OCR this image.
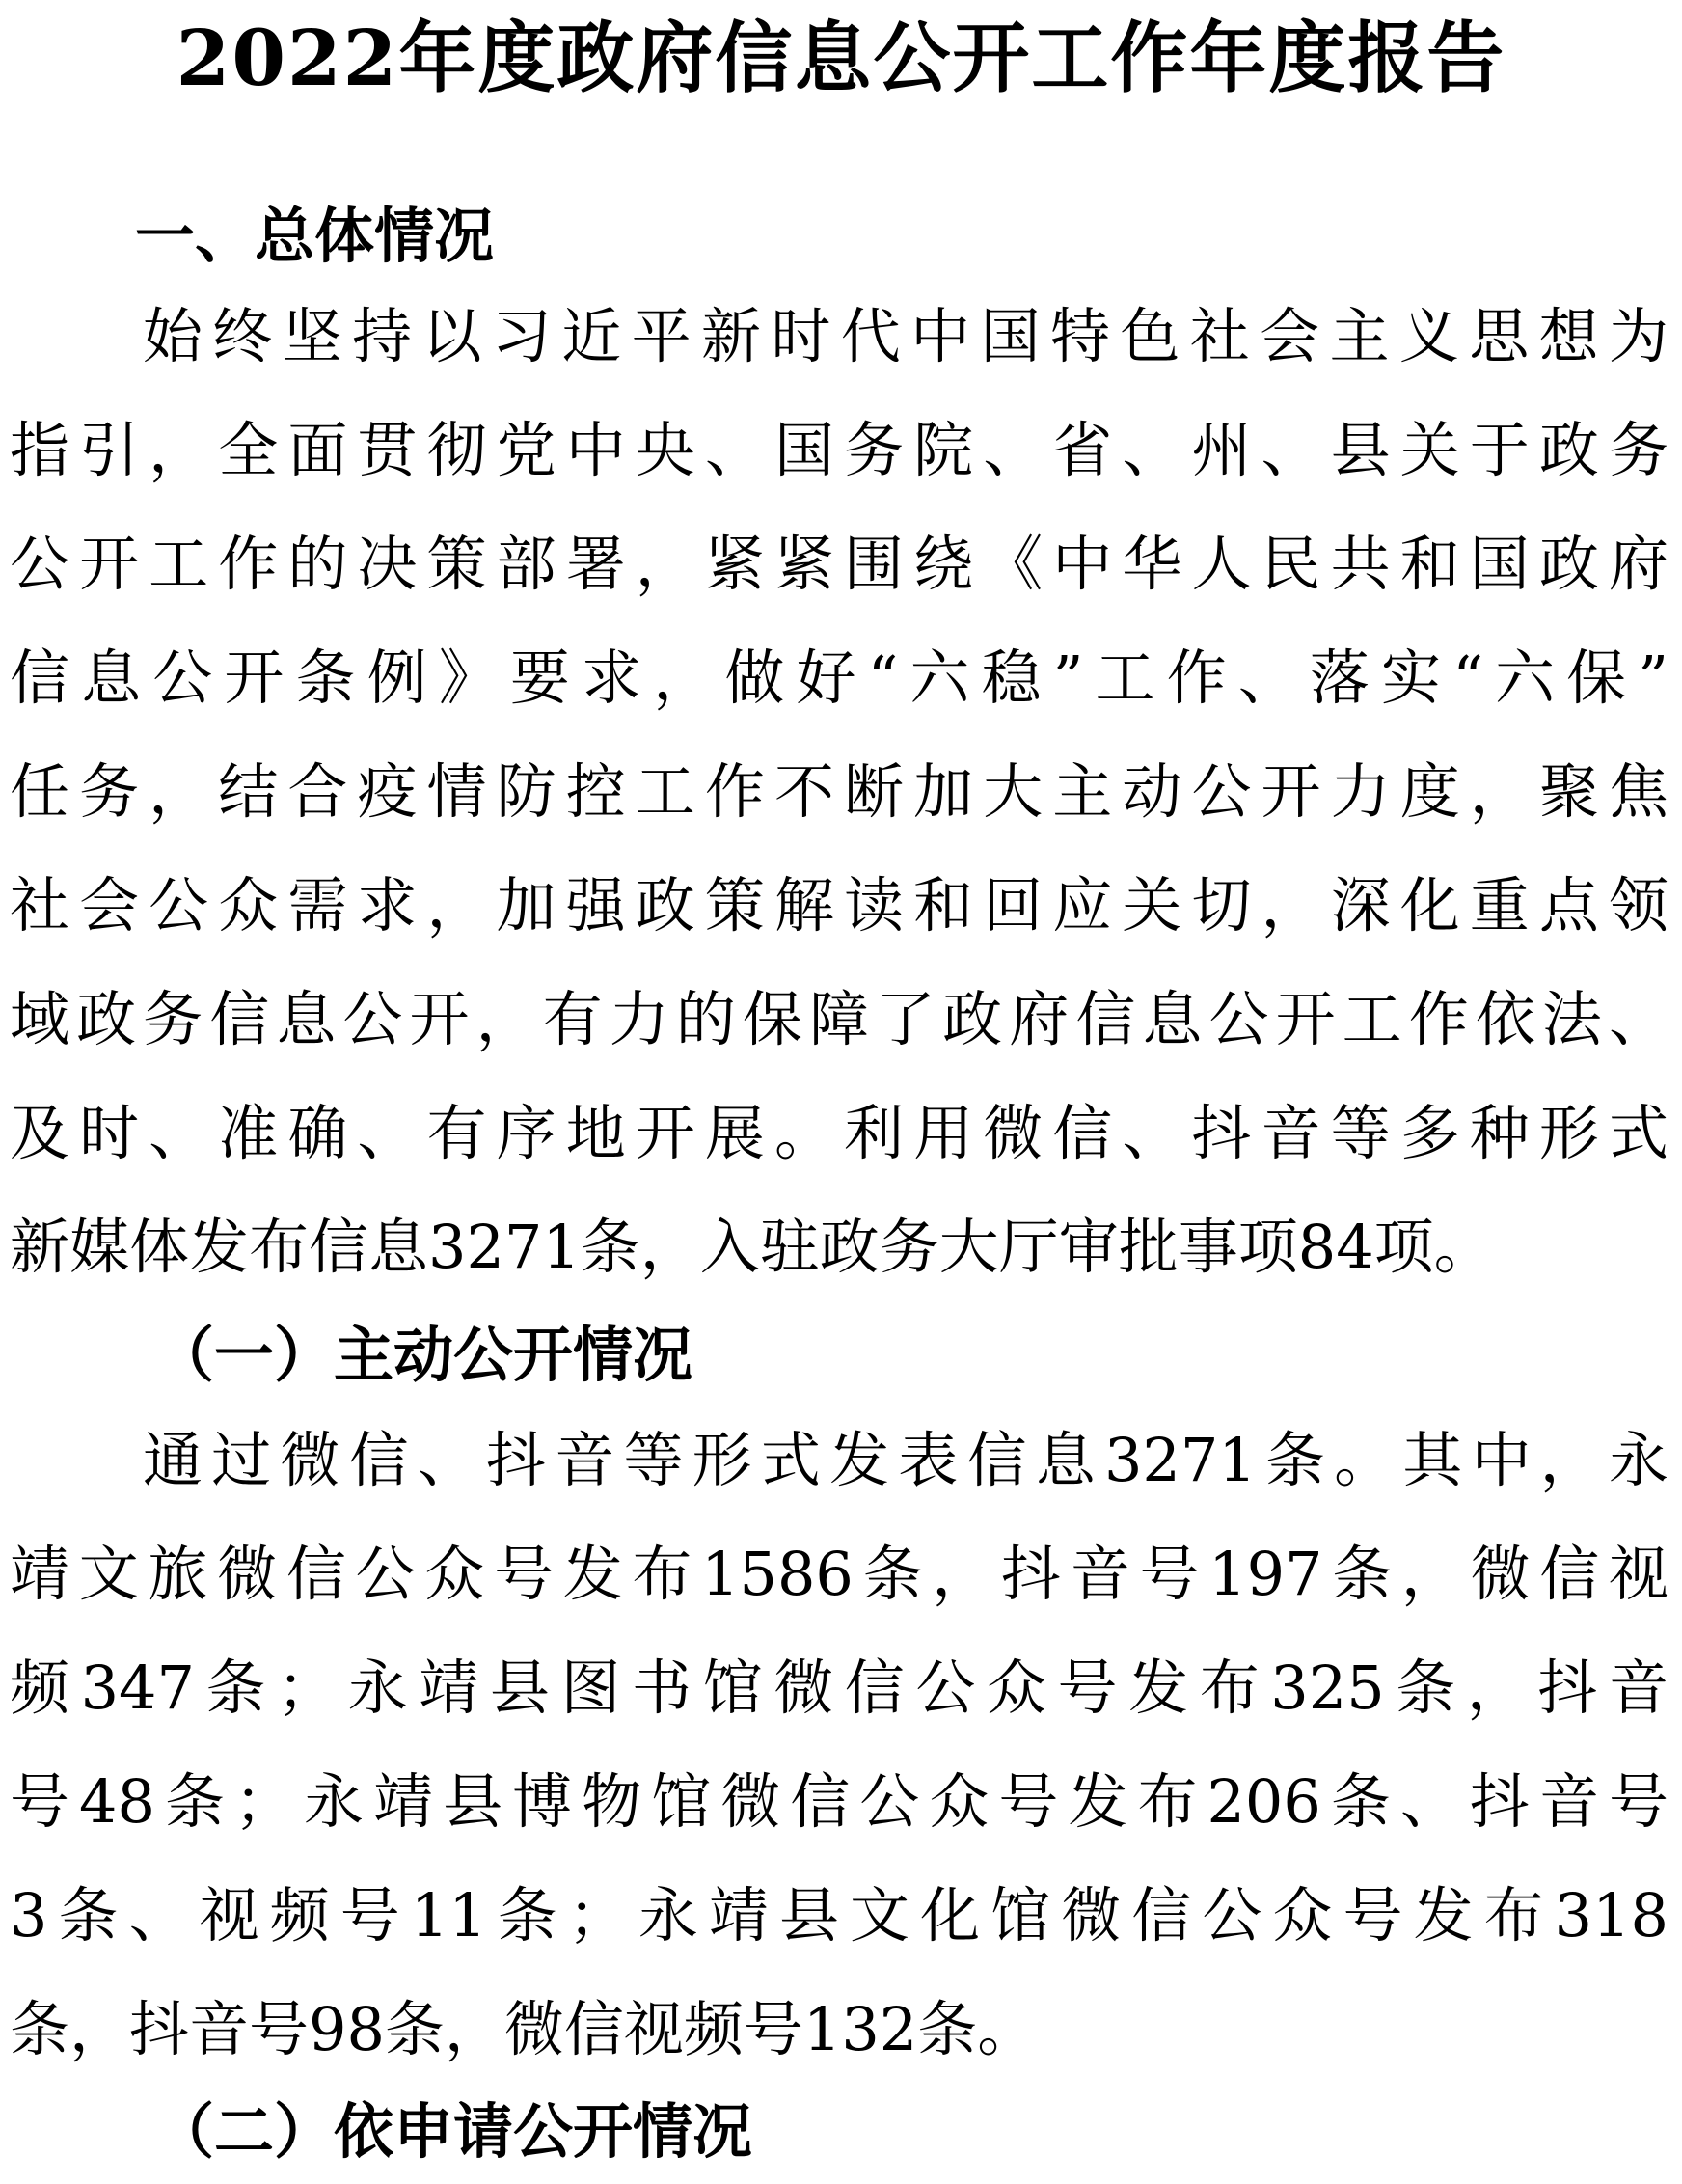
2022年度政府信息公开工作年度报告
一、总体情况
始终坚持以习近平新时代中国特色社会主义思想为
指引，全面贯彻党中央、国务院、省、州、县关于政务
公开工作的决策部署，紧紧围绕《中华人民共和国政府
信息公开条例》要求，做好“六稳”工作、落实“六保”
任务，结合疫情防控工作不断加大主动公开力度，聚焦
社会公众需求，加强政策解读和回应关切，深化重点领
域政务信息公开，有力的保障了政府信息公开工作依法、
及时、准确、有序地开展。利用微信、抖音等多种形式
新媒体发布信息3271条，入驻政务大厅审批事项84项。
（一）主动公开情况
通过微信、抖音等形式发表信息3271条。其中，永
靖文旅微信公众号发布1586条，抖音号197条，微信视
频347条；永靖县图书馆微信公众号发布325条，抖音
号48条；永靖县博物馆微信公众号发布206条、抖音号
3条、视频号11条；永靖县文化馆微信公众号发布318
条，抖音号98条，微信视频号132条。
（二）依申请公开情况
